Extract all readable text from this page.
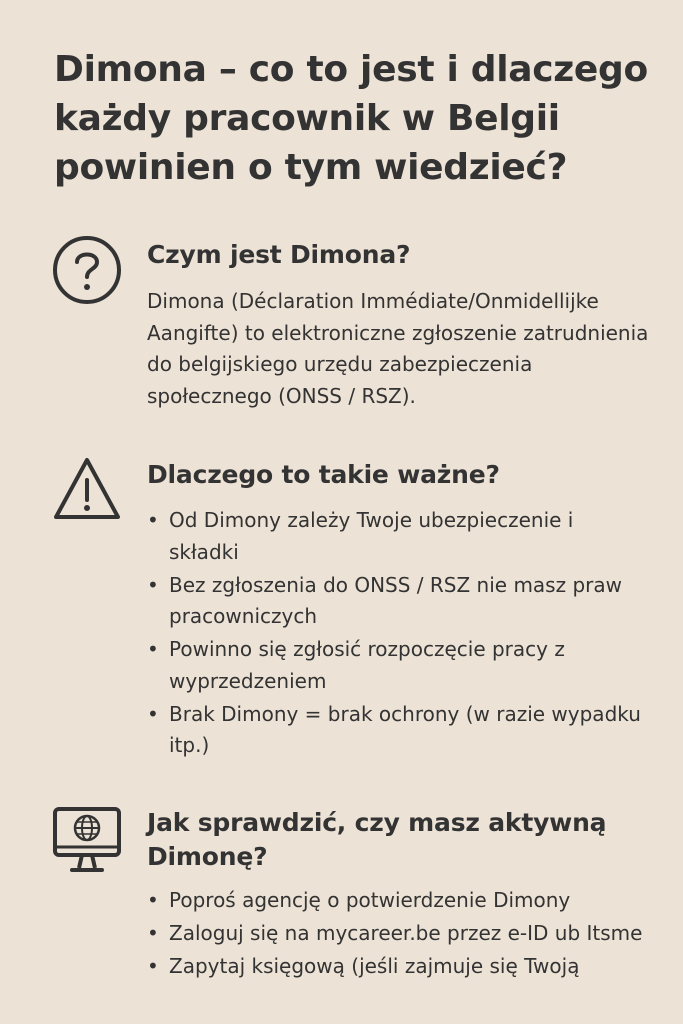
Dimona – co to jest i dlaczego każdy pracownik w Belgii powinien o tym wiedzieć?
Czym jest Dimona?

Dimona (Déclaration Immédiate/Onmidellijke Aangifte) to elektroniczne zgłoszenie zatrudnienia do belgijskiego urzędu zabezpieczenia społecznego (ONSS / RSZ).

Dlaczego to takie ważne?
• Od Dimony zależy Twoje ubezpieczenie i składki
• Bez zgłoszenia do ONSS / RSZ nie masz praw pracowniczych
• Powinno się zgłosić rozpoczęcie pracy z wyprzedzeniem
• Brak Dimony = brak ochrony (w razie wypadku itp.)
Jak sprawdzić, czy masz aktywną Dimonę?
• Poproś agencję o potwierdzenie Dimony
• Zaloguj się na mycareer.be przez e-ID ub Itsme
• Zapytaj księgową (jeśli zajmuje się Twoją
